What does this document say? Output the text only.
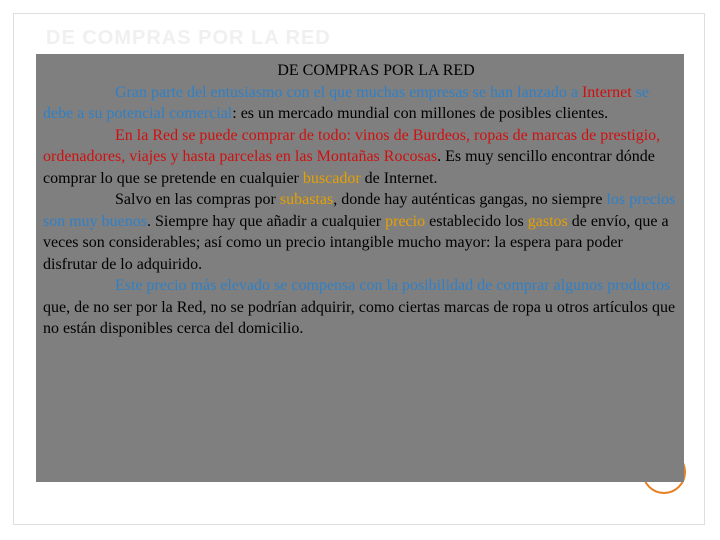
DE COMPRAS POR LA RED

DE COMPRAS POR LA RED

Gran parte del entusiasmo con el que muchas empresas se han lanzado a Internet se debe a su potencial comercial: es un mercado mundial con millones de posibles clientes.

En la Red se puede comprar de todo: vinos de Burdeos, ropas de marcas de prestigio, ordenadores, viajes y hasta parcelas en las Montañas Rocosas. Es muy sencillo encontrar dónde comprar lo que se pretende en cualquier buscador de Internet.

Salvo en las compras por subastas, donde hay auténticas gangas, no siempre los precios son muy buenos. Siempre hay que añadir a cualquier precio establecido los gastos de envío, que a veces son considerables; así como un precio intangible mucho mayor: la espera para poder disfrutar de lo adquirido.

Este precio más elevado se compensa con la posibilidad de comprar algunos productos que, de no ser por la Red, no se podrían adquirir, como ciertas marcas de ropa u otros artículos que no están disponibles cerca del domicilio.
